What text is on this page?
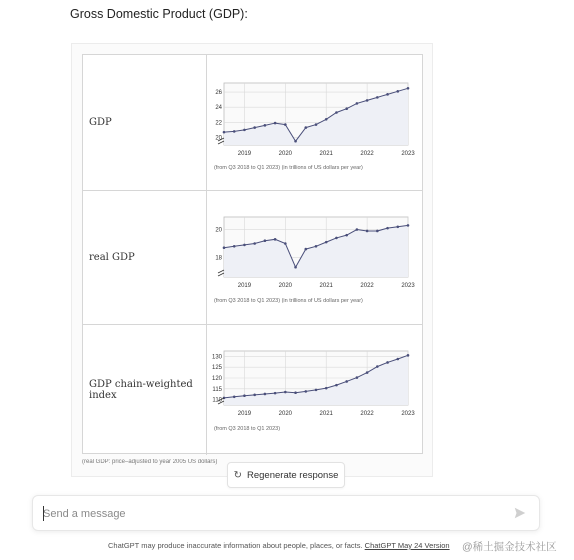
Gross Domestic Product (GDP):
GDP
2019	2020	2021	2022	2023
20
22
24
26
(from Q3 2018 to Q1 2023) (in trillions of US dollars per year)
real GDP
2019	2020	2021	2022	2023
18
20
(from Q3 2018 to Q1 2023) (in trillions of US dollars per year)
GDP chain-weighted index
2019	2020	2021	2022	2023
110
115
120
125
130
(from Q3 2018 to Q1 2023)
(real GDP: price–adjusted to year 2005 US dollars)
↻ Regenerate response
Send a message
ChatGPT may produce inaccurate information about people, places, or facts. ChatGPT May 24 Version @稀土掘金技术社区
